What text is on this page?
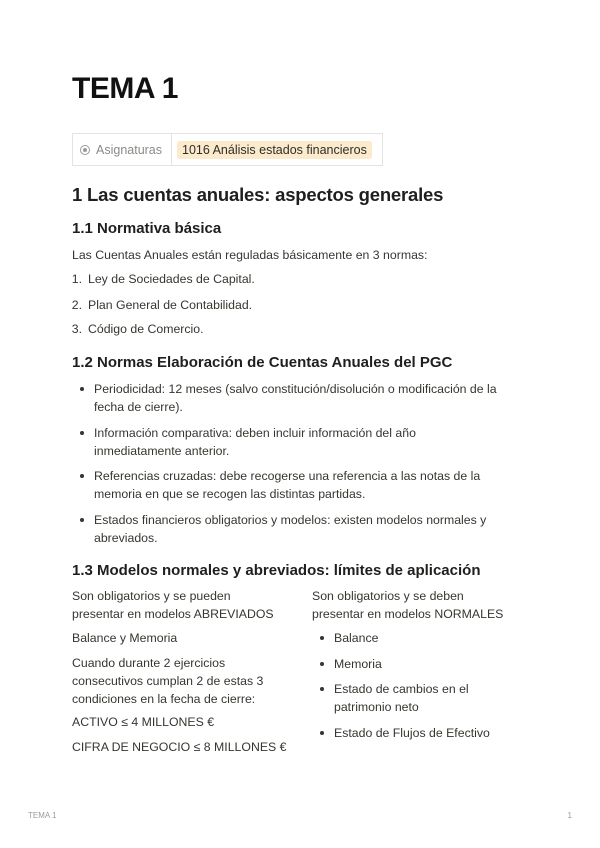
TEMA 1
Asignaturas	1016 Análisis estados financieros
1 Las cuentas anuales: aspectos generales
1.1 Normativa básica
Las Cuentas Anuales están reguladas básicamente en 3 normas:
1. Ley de Sociedades de Capital.
2. Plan General de Contabilidad.
3. Código de Comercio.
1.2 Normas Elaboración de Cuentas Anuales del PGC
Periodicidad: 12 meses (salvo constitución/disolución o modificación de la
fecha de cierre).
Información comparativa: deben incluir información del año
inmediatamente anterior.
Referencias cruzadas: debe recogerse una referencia a las notas de la
memoria en que se recogen las distintas partidas.
Estados financieros obligatorios y modelos: existen modelos normales y
abreviados.
1.3 Modelos normales y abreviados: límites de aplicación
Son obligatorios y se pueden
presentar en modelos ABREVIADOS
Balance y Memoria
Cuando durante 2 ejercicios
consecutivos cumplan 2 de estas 3
condiciones en la fecha de cierre:
ACTIVO ≤ 4 MILLONES €
CIFRA DE NEGOCIO ≤ 8 MILLONES €
Son obligatorios y se deben
presentar en modelos NORMALES
Balance
Memoria
Estado de cambios en el
patrimonio neto
Estado de Flujos de Efectivo
TEMA 1	1
